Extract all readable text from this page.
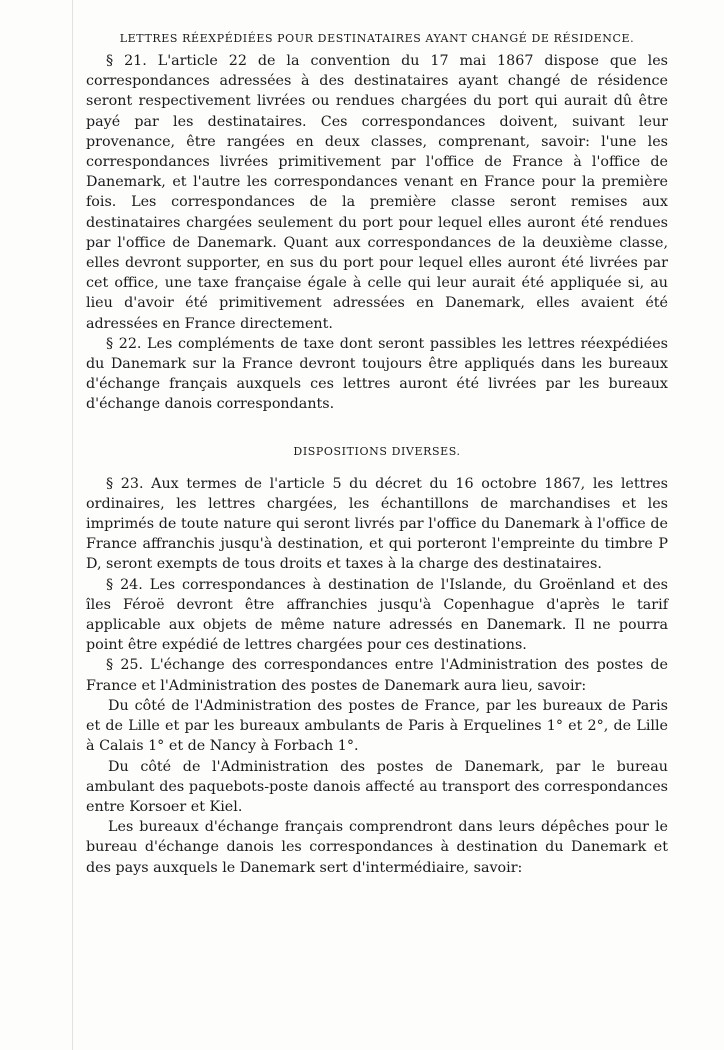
LETTRES RÉEXPÉDIÉES POUR DESTINATAIRES AYANT CHANGÉ DE RÉSIDENCE.

§ 21. L'article 22 de la convention du 17 mai 1867 dispose que les correspondances adressées à des destinataires ayant changé de résidence seront respectivement livrées ou rendues chargées du port qui aurait dû être payé par les destinataires. Ces correspondances doivent, suivant leur provenance, être rangées en deux classes, comprenant, savoir: l'une les correspondances livrées primitivement par l'office de France à l'office de Danemark, et l'autre les correspondances venant en France pour la première fois. Les correspondances de la première classe seront remises aux destinataires chargées seulement du port pour lequel elles auront été rendues par l'office de Danemark. Quant aux correspondances de la deuxième classe, elles devront supporter, en sus du port pour lequel elles auront été livrées par cet office, une taxe française égale à celle qui leur aurait été appliquée si, au lieu d'avoir été primitivement adressées en Danemark, elles avaient été adressées en France directement.

§ 22. Les compléments de taxe dont seront passibles les lettres réexpédiées du Danemark sur la France devront toujours être appliqués dans les bureaux d'échange français auxquels ces lettres auront été livrées par les bureaux d'échange danois correspondants.

DISPOSITIONS DIVERSES.

§ 23. Aux termes de l'article 5 du décret du 16 octobre 1867, les lettres ordinaires, les lettres chargées, les échantillons de marchandises et les imprimés de toute nature qui seront livrés par l'office du Danemark à l'office de France affranchis jusqu'à destination, et qui porteront l'empreinte du timbre P D, seront exempts de tous droits et taxes à la charge des destinataires.

§ 24. Les correspondances à destination de l'Islande, du Groënland et des îles Féroë devront être affranchies jusqu'à Copenhague d'après le tarif applicable aux objets de même nature adressés en Danemark. Il ne pourra point être expédié de lettres chargées pour ces destinations.

§ 25. L'échange des correspondances entre l'Administration des postes de France et l'Administration des postes de Danemark aura lieu, savoir:

Du côté de l'Administration des postes de France, par les bureaux de Paris et de Lille et par les bureaux ambulants de Paris à Erquelines 1° et 2°, de Lille à Calais 1° et de Nancy à Forbach 1°.

Du côté de l'Administration des postes de Danemark, par le bureau ambulant des paquebots-poste danois affecté au transport des correspondances entre Korsoer et Kiel.

Les bureaux d'échange français comprendront dans leurs dépêches pour le bureau d'échange danois les correspondances à destination du Danemark et des pays auxquels le Danemark sert d'intermédiaire, savoir:
